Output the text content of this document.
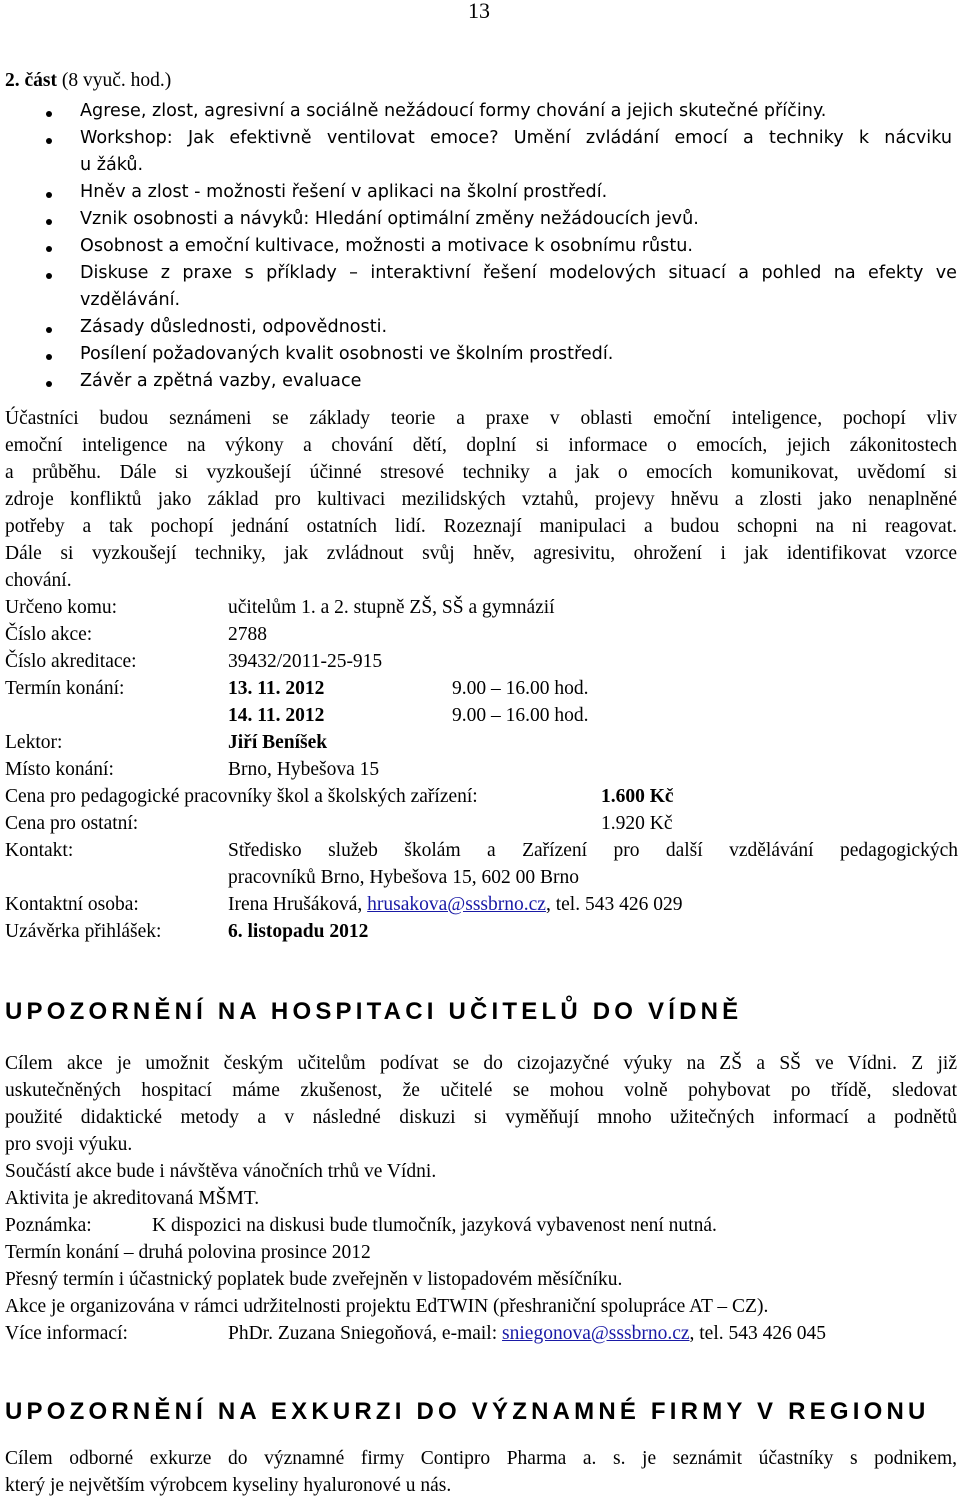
13
2. část (8 vyuč. hod.)
Agrese, zlost, agresivní a sociálně nežádoucí formy chování a jejich skutečné příčiny.
Workshop: Jak efektivně ventilovat emoce? Umění zvládání emocí a techniky k nácviku
u žáků.
Hněv a zlost - možnosti řešení v aplikaci na školní prostředí.
Vznik osobnosti a návyků: Hledání optimální změny nežádoucích jevů.
Osobnost a emoční kultivace, možnosti a motivace k osobnímu růstu.
Diskuse z praxe s příklady – interaktivní řešení modelových situací a pohled na efekty ve
vzdělávání.
Zásady důslednosti, odpovědnosti.
Posílení požadovaných kvalit osobnosti ve školním prostředí.
Závěr a zpětná vazby, evaluace
Účastníci budou seznámeni se základy teorie a praxe v oblasti emoční inteligence, pochopí vliv
emoční inteligence na výkony a chování dětí, doplní si informace o emocích, jejich zákonitostech
a průběhu. Dále si vyzkoušejí účinné stresové techniky a jak o emocích komunikovat, uvědomí si
zdroje konfliktů jako základ pro kultivaci mezilidských vztahů, projevy hněvu a zlosti jako nenaplněné
potřeby a tak pochopí jednání ostatních lidí. Rozeznají manipulaci a budou schopni na ni reagovat.
Dále si vyzkoušejí techniky, jak zvládnout svůj hněv, agresivitu, ohrožení i jak identifikovat vzorce
chování.
Určeno komu:	učitelům 1. a 2. stupně ZŠ, SŠ a gymnázií
Číslo akce:	2788
Číslo akreditace:	39432/2011-25-915
Termín konání:	13. 11. 2012	9.00 – 16.00 hod.
14. 11. 2012	9.00 – 16.00 hod.
Lektor:	Jiří Beníšek
Místo konání:	Brno, Hybešova 15
Cena pro pedagogické pracovníky škol a školských zařízení:	1.600 Kč
Cena pro ostatní:	1.920 Kč
Kontakt:	Středisko služeb školám a Zařízení pro další vzdělávání pedagogických
pracovníků Brno, Hybešova 15, 602 00 Brno
Kontaktní osoba:	Irena Hrušáková, hrusakova@sssbrno.cz, tel. 543 426 029
Uzávěrka přihlášek:	6. listopadu 2012
UPOZORNĚNÍ NA HOSPITACI UČITELŮ DO VÍDNĚ
Cílem akce je umožnit českým učitelům podívat se do cizojazyčné výuky na ZŠ a SŠ ve Vídni. Z již
uskutečněných hospitací máme zkušenost, že učitelé se mohou volně pohybovat po třídě, sledovat
použité didaktické metody a v následné diskuzi si vyměňují mnoho užitečných informací a podnětů
pro svoji výuku.
Součástí akce bude i návštěva vánočních trhů ve Vídni.
Aktivita je akreditovaná MŠMT.
Poznámka:	K dispozici na diskusi bude tlumočník, jazyková vybavenost není nutná.
Termín konání – druhá polovina prosince 2012
Přesný termín i účastnický poplatek bude zveřejněn v listopadovém měsíčníku.
Akce je organizována v rámci udržitelnosti projektu EdTWIN (přeshraniční spolupráce AT – CZ).
Více informací:	PhDr. Zuzana Sniegoňová, e-mail: sniegonova@sssbrno.cz, tel. 543 426 045
UPOZORNĚNÍ NA EXKURZI DO VÝZNAMNÉ FIRMY V REGIONU
Cílem odborné exkurze do významné firmy Contipro Pharma a. s. je seznámit účastníky s podnikem,
který je největším výrobcem kyseliny hyaluronové u nás.
